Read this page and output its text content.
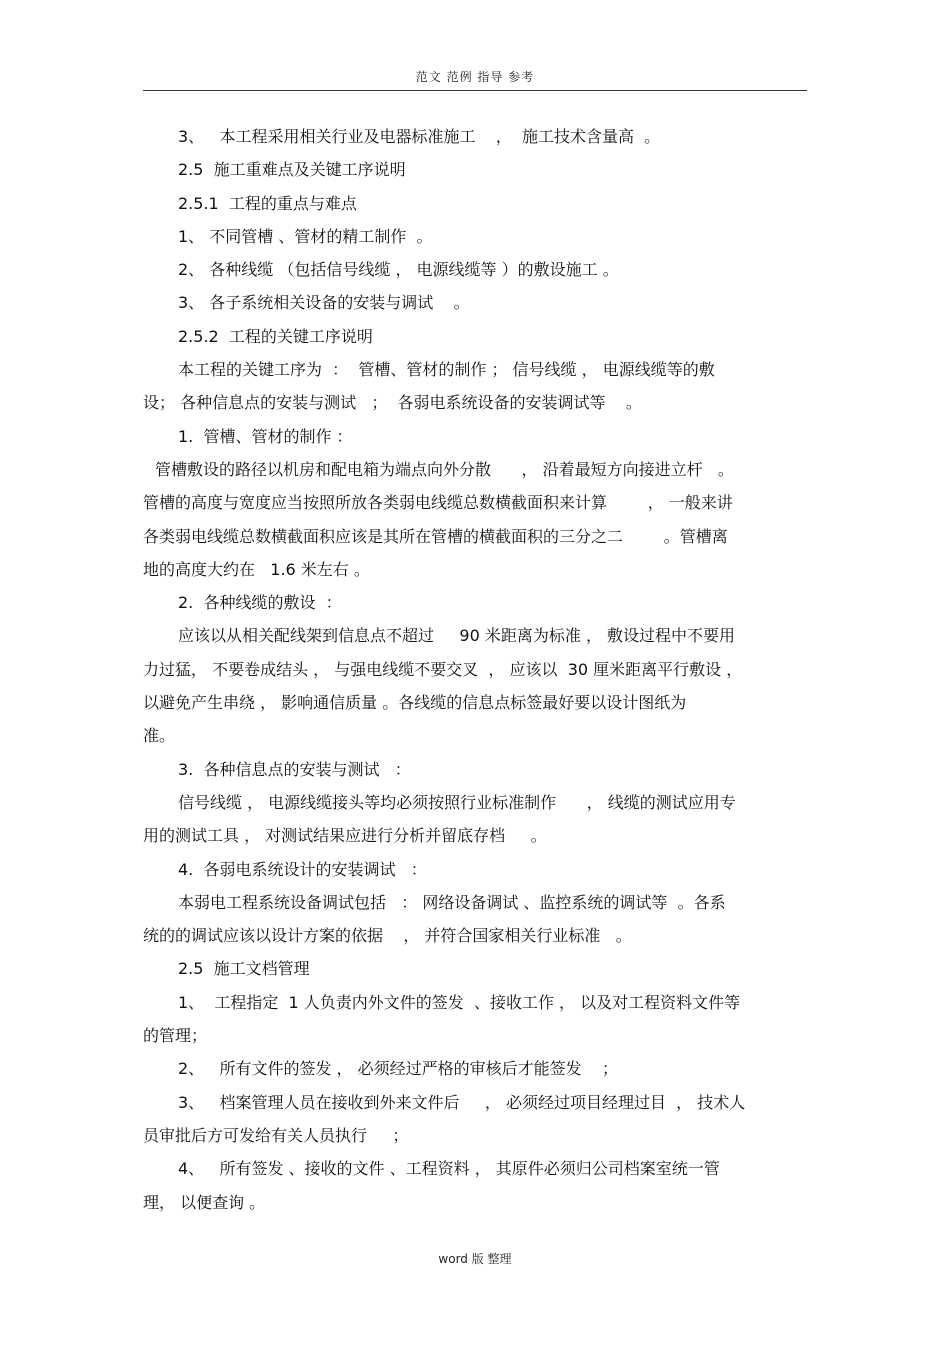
范文 范例 指导 参考

3、   本工程采用相关行业及电器标准施工    ，  施工技术含量高  。

2.5  施工重难点及关键工序说明

2.5.1  工程的重点与难点

1、 不同管槽 、管材的精工制作  。

2、 各种线缆 （包括信号线缆 ， 电源线缆等 ）的敷设施工 。

3、 各子系统相关设备的安装与调试    。

2.5.2  工程的关键工序说明

本工程的关键工序为  ：  管槽、管材的制作 ； 信号线缆 ， 电源线缆等的敷

设； 各种信息点的安装与测试   ；  各弱电系统设备的安装调试等    。

1.  管槽、管材的制作 ：

管槽敷设的路径以机房和配电箱为端点向外分散      ， 沿着最短方向接进立杆   。

管槽的高度与宽度应当按照所放各类弱电线缆总数横截面积来计算        ， 一般来讲

各类弱电线缆总数横截面积应该是其所在管槽的横截面积的三分之二        。管槽离

地的高度大约在   1.6 米左右 。

2.  各种线缆的敷设  ：

应该以从相关配线架到信息点不超过     90 米距离为标准 ， 敷设过程中不要用

力过猛， 不要卷成结头 ， 与强电线缆不要交叉  ， 应该以  30 厘米距离平行敷设 ，

以避免产生串绕 ， 影响通信质量 。各线缆的信息点标签最好要以设计图纸为

准。

3.  各种信息点的安装与测试   ：

信号线缆 ， 电源线缆接头等均必须按照行业标准制作      ， 线缆的测试应用专

用的测试工具 ， 对测试结果应进行分析并留底存档     。

4.  各弱电系统设计的安装调试   ：

本弱电工程系统设备调试包括   ： 网络设备调试 、监控系统的调试等  。各系

统的的调试应该以设计方案的依据    ， 并符合国家相关行业标准   。

2.5  施工文档管理

1、  工程指定  1 人负责内外文件的签发  、接收工作 ， 以及对工程资料文件等

的管理；

2、   所有文件的签发 ， 必须经过严格的审核后才能签发    ；

3、   档案管理人员在接收到外来文件后     ， 必须经过项目经理过目  ， 技术人

员审批后方可发给有关人员执行     ；

4、   所有签发 、接收的文件 、工程资料 ， 其原件必须归公司档案室统一管

理， 以便查询 。

word 版 整理
